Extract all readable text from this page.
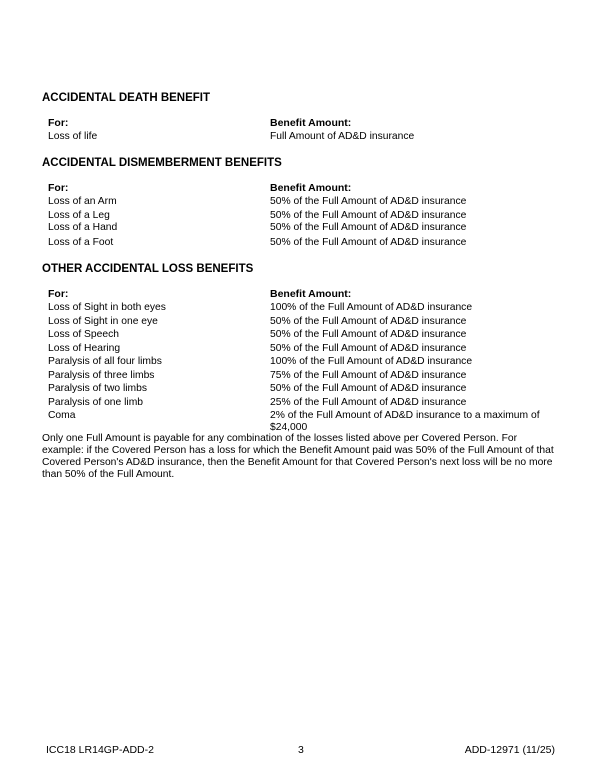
ACCIDENTAL DEATH BENEFIT
For:	Benefit Amount:
Loss of life	Full Amount of AD&D insurance
ACCIDENTAL DISMEMBERMENT BENEFITS
For:	Benefit Amount:
Loss of an Arm	50% of the Full Amount of AD&D insurance
Loss of a Leg	50% of the Full Amount of AD&D insurance
Loss of a Hand	50% of the Full Amount of AD&D insurance
Loss of a Foot	50% of the Full Amount of AD&D insurance
OTHER ACCIDENTAL LOSS BENEFITS
For:	Benefit Amount:
Loss of Sight in both eyes	100% of the Full Amount of AD&D insurance
Loss of Sight in one eye	50% of the Full Amount of AD&D insurance
Loss of Speech	50% of the Full Amount of AD&D insurance
Loss of Hearing	50% of the Full Amount of AD&D insurance
Paralysis of all four limbs	100% of the Full Amount of AD&D insurance
Paralysis of three limbs	75% of the Full Amount of AD&D insurance
Paralysis of two limbs	50% of the Full Amount of AD&D insurance
Paralysis of one limb	25% of the Full Amount of AD&D insurance
Coma	2% of the Full Amount of AD&D insurance to a maximum of
$24,000
Only one Full Amount is payable for any combination of the losses listed above per Covered Person. For example: if the Covered Person has a loss for which the Benefit Amount paid was 50% of the Full Amount of that Covered Person's AD&D insurance, then the Benefit Amount for that Covered Person's next loss will be no more than 50% of the Full Amount.
ICC18 LR14GP-ADD-2	3	ADD-12971 (11/25)
